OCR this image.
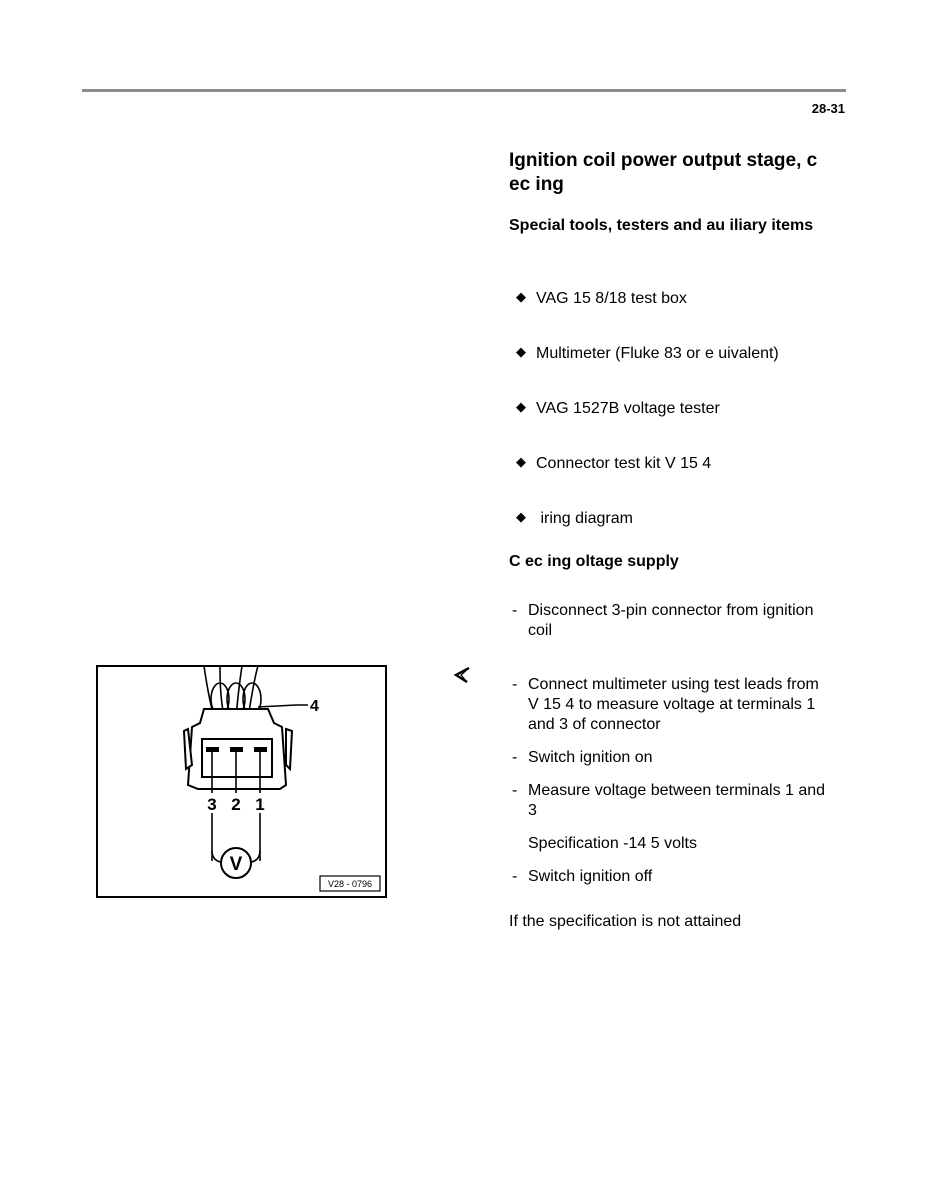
28-31
Ignition coil power output stage, c ec ing
Special tools, testers and au iliary items
◆ VAG 15 8/18 test box
◆ Multimeter (Fluke 83 or e uivalent)
◆ VAG 1527B voltage tester
◆ Connector test kit V 15 4
◆ iring diagram
C ec ing oltage supply
- Disconnect 3-pin connector from ignition coil
- Connect multimeter using test leads from V 15 4 to measure voltage at terminals 1 and 3 of connector
- Switch ignition on
- Measure voltage between terminals 1 and 3
Specification -14 5 volts
- Switch ignition off
If the specification is not attained
V
4
3 2 1
V28 - 0796
